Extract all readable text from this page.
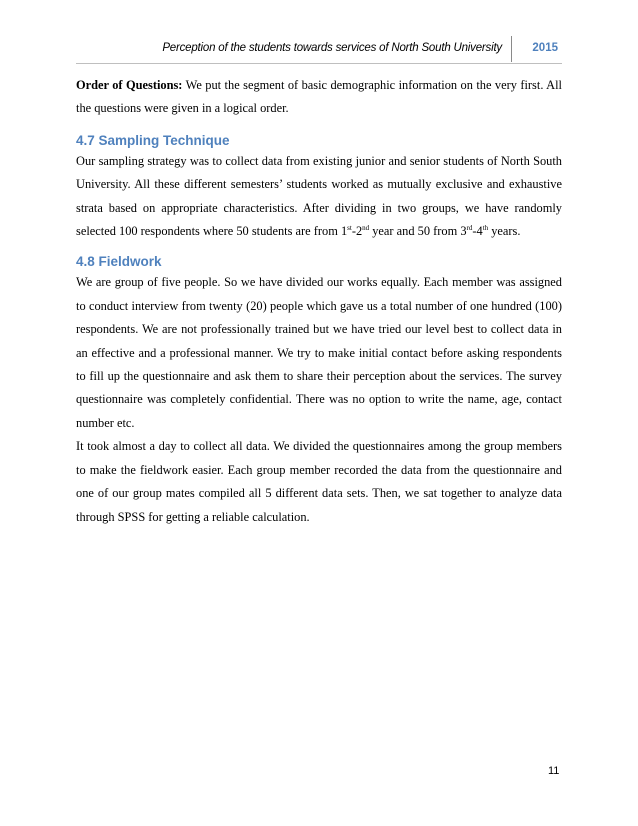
Perception of the students towards services of North South University	2015

Order of Questions: We put the segment of basic demographic information on the very first. All the questions were given in a logical order.

4.7 Sampling Technique

Our sampling strategy was to collect data from existing junior and senior students of North South University. All these different semesters’ students worked as mutually exclusive and exhaustive strata based on appropriate characteristics. After dividing in two groups, we have randomly selected 100 respondents where 50 students are from 1st-2nd year and 50 from 3rd-4th years.

4.8 Fieldwork

We are group of five people. So we have divided our works equally. Each member was assigned to conduct interview from twenty (20) people which gave us a total number of one hundred (100) respondents. We are not professionally trained but we have tried our level best to collect data in an effective and a professional manner. We try to make initial contact before asking respondents to fill up the questionnaire and ask them to share their perception about the services. The survey questionnaire was completely confidential. There was no option to write the name, age, contact number etc.

It took almost a day to collect all data. We divided the questionnaires among the group members to make the fieldwork easier. Each group member recorded the data from the questionnaire and one of our group mates compiled all 5 different data sets. Then, we sat together to analyze data through SPSS for getting a reliable calculation.

11
